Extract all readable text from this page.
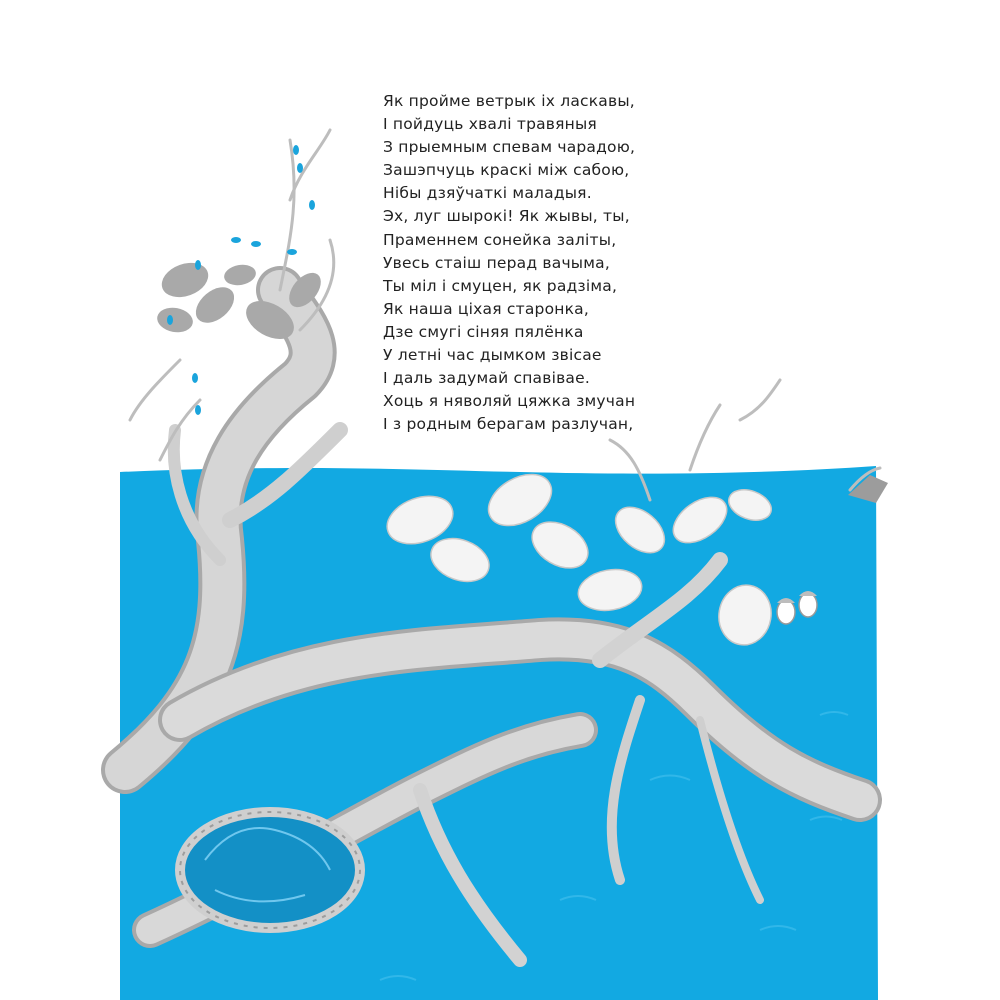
Як пройме ветрык іх ласкавы,
І пойдуць хвалі травяныя
З прыемным спевам чарадою,
Зашэпчуць краскі між сабою,
Нібы дзяўчаткі маладыя.
Эх, луг шырокі! Як жывы, ты,
Праменнем сонейка заліты,
Увесь стаіш перад вачыма,
Ты міл і смуцен, як радзіма,
Як наша ціхая старонка,
Дзе смугі сіняя пялёнка
У летні час дымком звісае
І даль задумай спавівае.
Хоць я няволяй цяжка змучан
І з родным берагам разлучан,
